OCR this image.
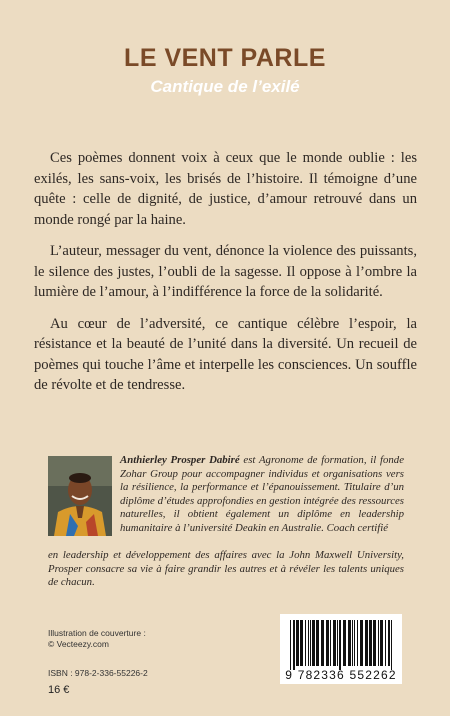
LE VENT PARLE
Cantique de l’exilé

Ces poèmes donnent voix à ceux que le monde oublie : les exilés, les sans-voix, les brisés de l’histoire. Il témoigne d’une quête : celle de dignité, de justice, d’amour retrouvé dans un monde rongé par la haine.

L’auteur, messager du vent, dénonce la violence des puissants, le silence des justes, l’oubli de la sagesse. Il oppose à l’ombre la lumière de l’amour, à l’indifférence la force de la solidarité.

Au cœur de l’adversité, ce cantique célèbre l’espoir, la résistance et la beauté de l’unité dans la diversité. Un recueil de poèmes qui touche l’âme et interpelle les consciences. Un souffle de révolte et de tendresse.

Anthierley Prosper Dabiré est Agronome de formation, il fonde Zohar Group pour accompagner individus et organisations vers la résilience, la performance et l’épanouissement. Titulaire d’un diplôme d’études approfondies en gestion intégrée des ressources naturelles, il obtient également un diplôme en leadership humanitaire à l’université Deakin en Australie. Coach certifié
en leadership et développement des affaires avec la John Maxwell University, Prosper consacre sa vie à faire grandir les autres et à révéler les talents uniques de chacun.
Illustration de couverture :
© Vecteezy.com
ISBN : 978-2-336-55226-2
16 €
9 782336 552262
